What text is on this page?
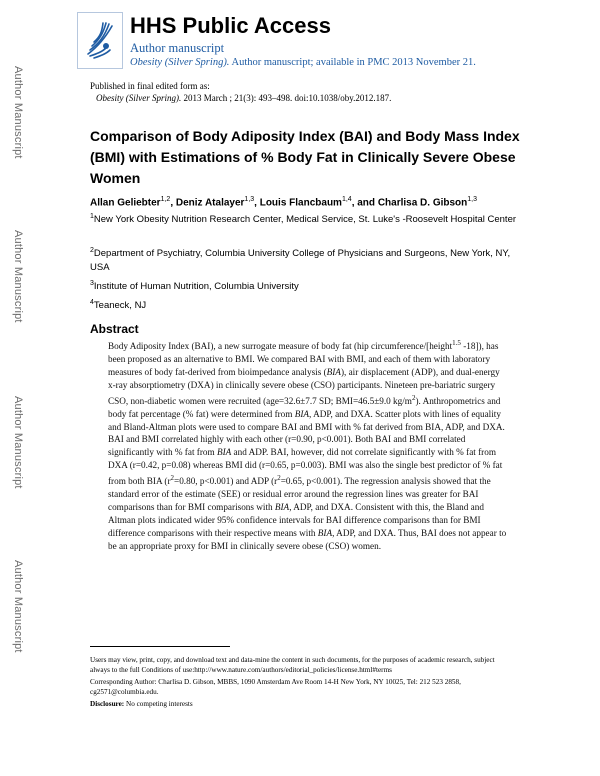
Author Manuscript
Author Manuscript
Author Manuscript
Author Manuscript
HHS Public Access
Author manuscript
Obesity (Silver Spring). Author manuscript; available in PMC 2013 November 21.
Published in final edited form as:
Obesity (Silver Spring). 2013 March ; 21(3): 493–498. doi:10.1038/oby.2012.187.
Comparison of Body Adiposity Index (BAI) and Body Mass Index (BMI) with Estimations of % Body Fat in Clinically Severe Obese Women
Allan Geliebter$^{1,2}$, Deniz Atalayer$^{1,3}$, Louis Flancbaum$^{1,4}$, and Charlisa D. Gibson$^{1,3}$
$^1$New York Obesity Nutrition Research Center, Medical Service, St. Luke's -Roosevelt Hospital Center
$^2$Department of Psychiatry, Columbia University College of Physicians and Surgeons, New York, NY, USA
$^3$Institute of Human Nutrition, Columbia University
$^4$Teaneck, NJ
Abstract

Body Adiposity Index (BAI), a new surrogate measure of body fat (hip circumference/[height$^{1.5}$ -18]), has been proposed as an alternative to BMI. We compared BAI with BMI, and each of them with laboratory measures of body fat-derived from bioimpedance analysis (BIA), air displacement (ADP), and dual-energy x-ray absorptiometry (DXA) in clinically severe obese (CSO) participants. Nineteen pre-bariatric surgery CSO, non-diabetic women were recruited (age=32.6±7.7 SD; BMI=46.5±9.0 $kg/m^2$). Anthropometrics and body fat percentage (% fat) were determined from BIA, ADP, and DXA. Scatter plots with lines of equality and Bland-Altman plots were used to compare BAI and BMI with % fat derived from BIA, ADP, and DXA. BAI and BMI correlated highly with each other (r=0.90, p<0.001). Both BAI and BMI correlated significantly with % fat from BIA and ADP. BAI, however, did not correlate significantly with % fat from DXA (r=0.42, p=0.08) whereas BMI did (r=0.65, p=0.003). BMI was also the single best predictor of % fat from both BIA ($r^2=0.80$, p<0.001) and ADP ($r^2=0.65$, p<0.001). The regression analysis showed that the standard error of the estimate (SEE) or residual error around the regression lines was greater for BAI comparisons than for BMI comparisons with BIA, ADP, and DXA. Consistent with this, the Bland and Altman plots indicated wider 95% confidence intervals for BAI difference comparisons than for BMI difference comparisons with their respective means with BIA, ADP, and DXA. Thus, BAI does not appear to be an appropriate proxy for BMI in clinically severe obese (CSO) women.

Users may view, print, copy, and download text and data-mine the content in such documents, for the purposes of academic research, subject always to the full Conditions of use:http://www.nature.com/authors/editorial_policies/license.html#terms

Corresponding Author: Charlisa D. Gibson, MBBS, 1090 Amsterdam Ave Room 14-H New York, NY 10025, Tel: 212 523 2858, cg2571@columbia.edu.

Disclosure: No competing interests
